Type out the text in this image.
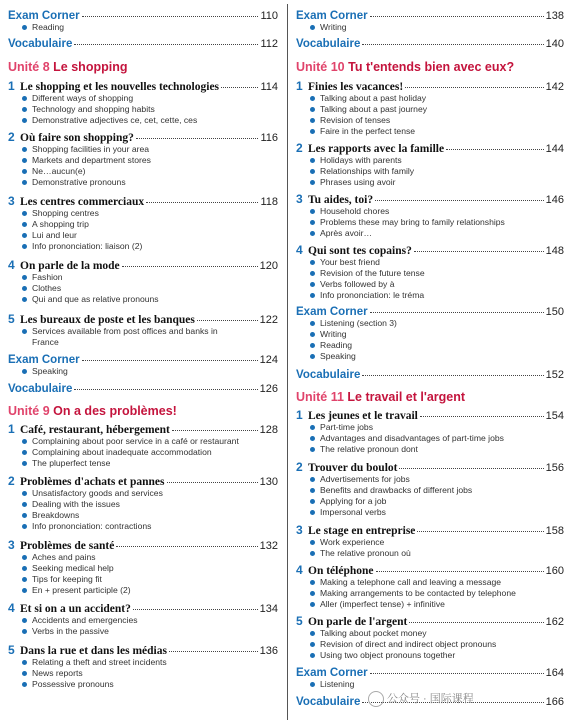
Exam Corner	110
Reading
Vocabulaire	112
Unité 8 Le shopping
1 Le shopping et les nouvelles technologies	114
Different ways of shopping
Technology and shopping habits
Demonstrative adjectives ce, cet, cette, ces
2 Où faire son shopping?	116
Shopping facilities in your area
Markets and department stores
Ne…aucun(e)
Demonstrative pronouns
3 Les centres commerciaux	118
Shopping centres
A shopping trip
Lui and leur
Info prononciation: liaison (2)
4 On parle de la mode	120
Fashion
Clothes
Qui and que as relative pronouns
5 Les bureaux de poste et les banques	122
Services available from post offices and banks in France
Exam Corner	124
Speaking
Vocabulaire	126
Unité 9 On a des problèmes!
1 Café, restaurant, hébergement	128
Complaining about poor service in a café or restaurant
Complaining about inadequate accommodation
The pluperfect tense
2 Problèmes d'achats et pannes	130
Unsatisfactory goods and services
Dealing with the issues
Breakdowns
Info prononciation: contractions
3 Problèmes de santé	132
Aches and pains
Seeking medical help
Tips for keeping fit
En + present participle (2)
4 Et si on a un accident?	134
Accidents and emergencies
Verbs in the passive
5 Dans la rue et dans les médias	136
Relating a theft and street incidents
News reports
Possessive pronouns
Exam Corner	138
Writing
Vocabulaire	140
Unité 10 Tu t'entends bien avec eux?
1 Finies les vacances!	142
Talking about a past holiday
Talking about a past journey
Revision of tenses
Faire in the perfect tense
2 Les rapports avec la famille	144
Holidays with parents
Relationships with family
Phrases using avoir
3 Tu aides, toi?	146
Household chores
Problems these may bring to family relationships
Après avoir…
4 Qui sont tes copains?	148
Your best friend
Revision of the future tense
Verbs followed by à
Info prononciation: le tréma
Exam Corner	150
Listening (section 3)
Writing
Reading
Speaking
Vocabulaire	152
Unité 11 Le travail et l'argent
1 Les jeunes et le travail	154
Part-time jobs
Advantages and disadvantages of part-time jobs
The relative pronoun dont
2 Trouver du boulot	156
Advertisements for jobs
Benefits and drawbacks of different jobs
Applying for a job
Impersonal verbs
3 Le stage en entreprise	158
Work experience
The relative pronoun où
4 On téléphone	160
Making a telephone call and leaving a message
Making arrangements to be contacted by telephone
Aller (imperfect tense) + infinitive
5 On parle de l'argent	162
Talking about pocket money
Revision of direct and indirect object pronouns
Using two object pronouns together
Exam Corner	164
Listening
Vocabulaire	166
公众号 · 国际课程
